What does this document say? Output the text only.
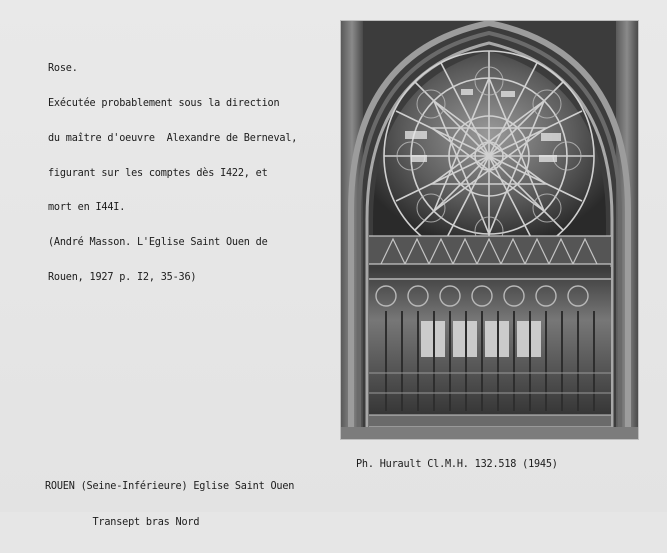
Rose.

Exécutée probablement sous la direction

du maître d'oeuvre  Alexandre de Berneval,

figurant sur les comptes dès I422, et

mort en I44I.

(André Masson. L'Eglise Saint Ouen de

Rouen, 1927 p. I2, 35-36)

ROUEN (Seine-Inférieure) Eglise Saint Ouen

Transept bras Nord

Ph. Hurault Cl.M.H. 132.518 (1945)
